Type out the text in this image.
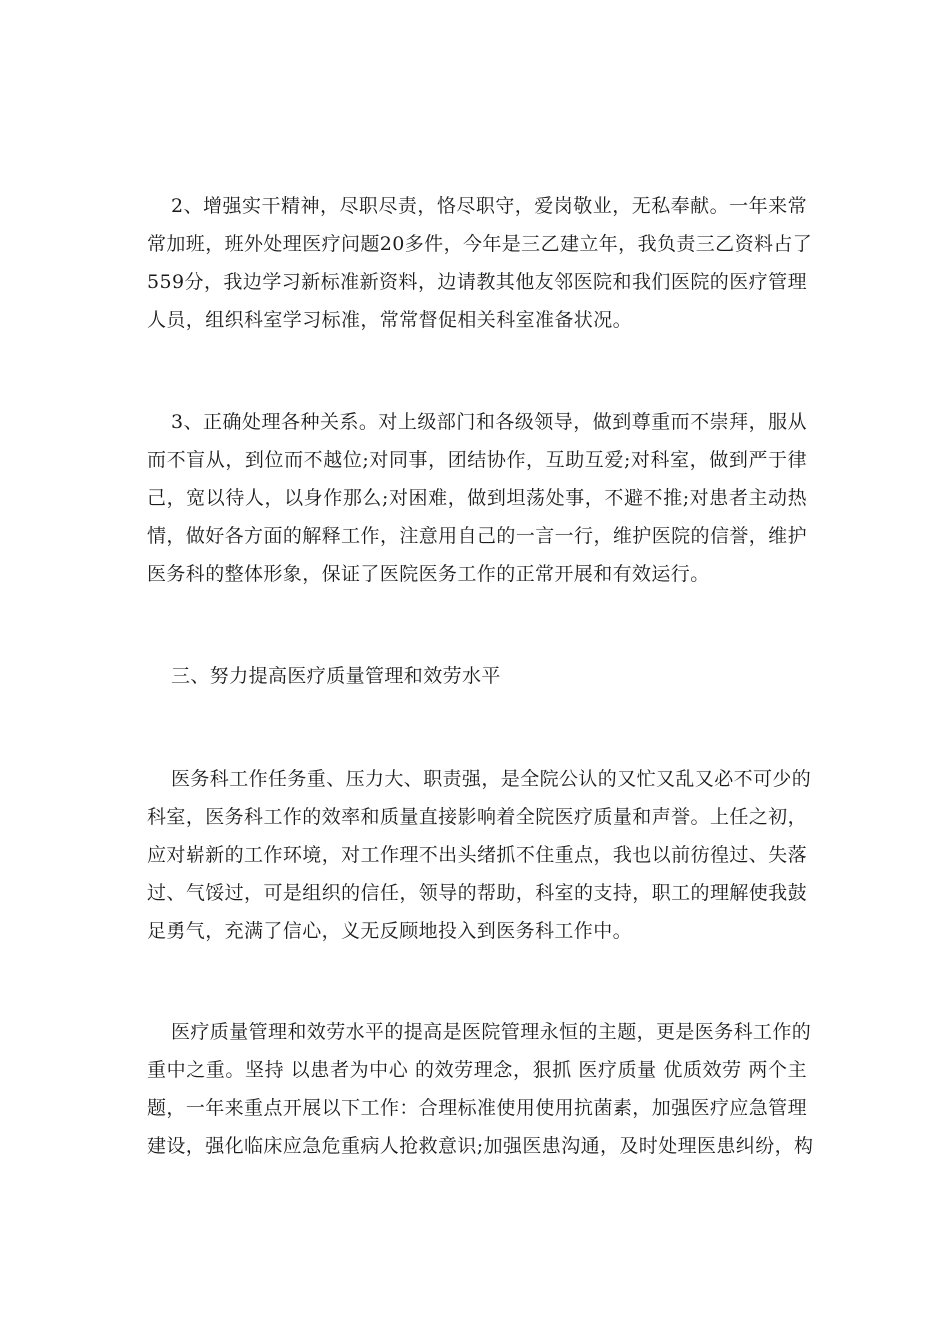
2、增强实干精神，尽职尽责，恪尽职守，爱岗敬业，无私奉献。一年来常
常加班，班外处理医疗问题20多件，今年是三乙建立年，我负责三乙资料占了
559分，我边学习新标准新资料，边请教其他友邻医院和我们医院的医疗管理
人员，组织科室学习标准，常常督促相关科室准备状况。
3、正确处理各种关系。对上级部门和各级领导，做到尊重而不崇拜，服从
而不盲从，到位而不越位;对同事，团结协作，互助互爱;对科室，做到严于律
己，宽以待人，以身作那么;对困难，做到坦荡处事，不避不推;对患者主动热
情，做好各方面的解释工作，注意用自己的一言一行，维护医院的信誉，维护
医务科的整体形象，保证了医院医务工作的正常开展和有效运行。
三、努力提高医疗质量管理和效劳水平
医务科工作任务重、压力大、职责强，是全院公认的又忙又乱又必不可少的
科室，医务科工作的效率和质量直接影响着全院医疗质量和声誉。上任之初，
应对崭新的工作环境，对工作理不出头绪抓不住重点，我也以前彷徨过、失落
过、气馁过，可是组织的信任，领导的帮助，科室的支持，职工的理解使我鼓
足勇气，充满了信心，义无反顾地投入到医务科工作中。
医疗质量管理和效劳水平的提高是医院管理永恒的主题，更是医务科工作的
重中之重。坚持 以患者为中心 的效劳理念，狠抓 医疗质量 优质效劳 两个主
题，一年来重点开展以下工作：合理标准使用使用抗菌素，加强医疗应急管理
建设，强化临床应急危重病人抢救意识;加强医患沟通，及时处理医患纠纷，构
